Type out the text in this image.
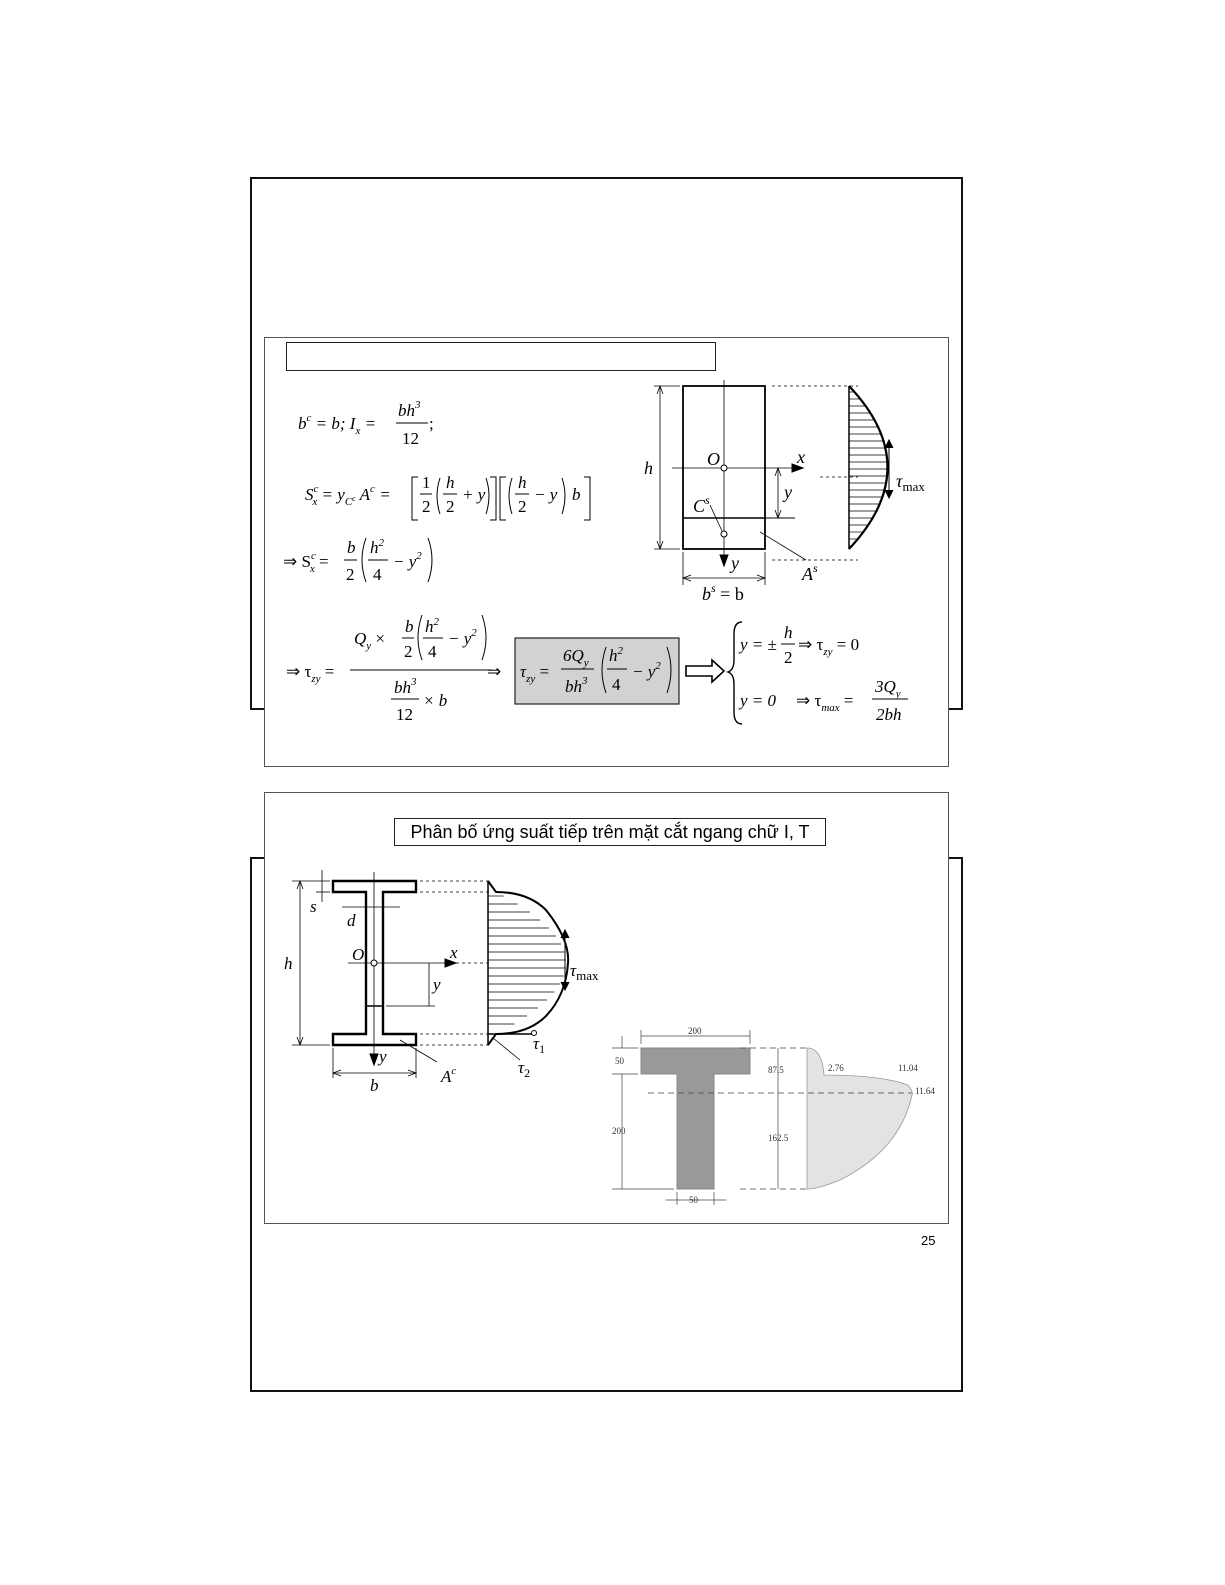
$b^c = b$; $I_x$ =
$bh^3$
12
;
$S^c$ $x = y_C^c$ $A^c$ =
1
2
h
2
+ y
h
2
− y b
⇒ $S^c$ x =
b
2
$h^2$
4
− $y^2$
⇒ $\tau_{zy}$ =
$Q_y$ ×
b
2
$h^2$
4
− $y^2$
$bh^3$
12
× b
⇒ $\tau_{zy}$ =
$6Q_y$
$bh^3$
$h^2$
4
− $y^2$
y = ±
h
2
⇒ $\tau_{zy} = 0$
y = 0 ⇒ $\tau_{max}$ =
$3Q_y$
2bh
h	O	x
y
$C^s$
y
$A^s$
$b^s = b$
$\tau_{max}$
Phân bố ứng suất tiếp trên mặt cắt ngang chữ I, T
s
d
h	O	x
y
y
b	$A^c$
$\tau_{max}$
$\tau_1$
$\tau_2$
200
50
200
50
87.5
162.5
2.76	11.04
11.64
25
